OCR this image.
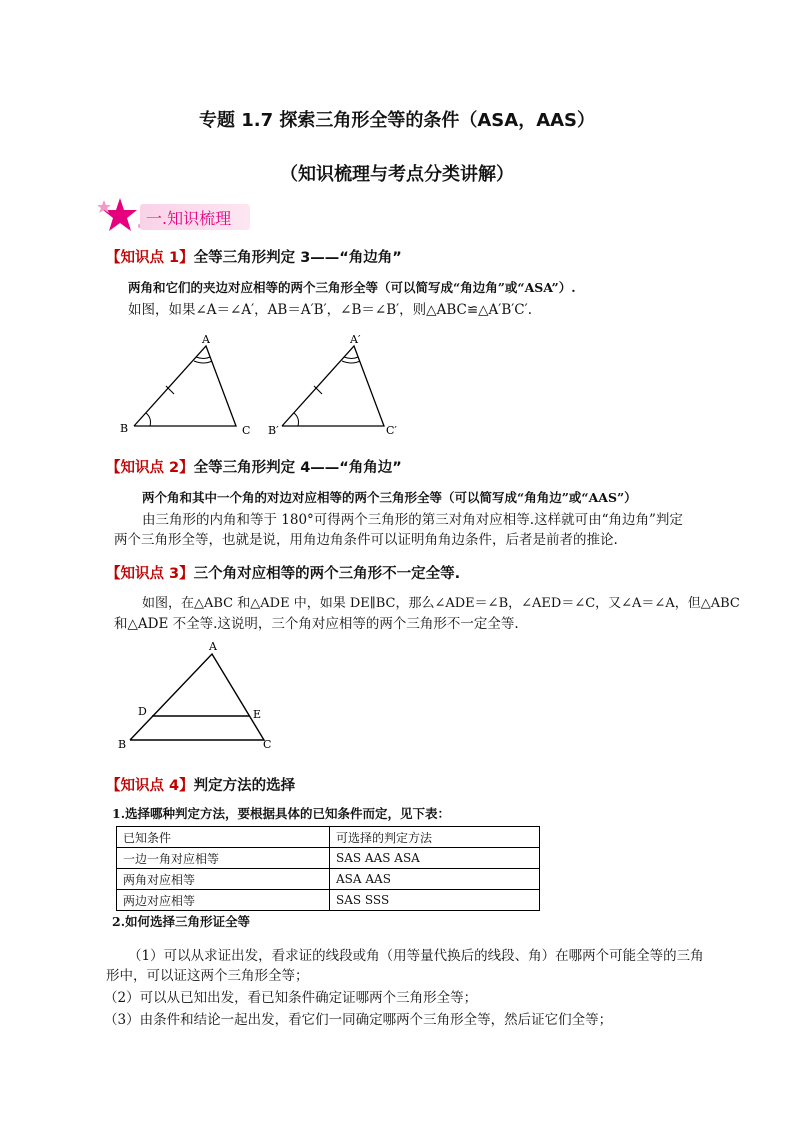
专题 1.7 探索三角形全等的条件（ASA，AAS）
（知识梳理与考点分类讲解）
一.知识梳理
【知识点 1】全等三角形判定 3——“角边角”
两角和它们的夹边对应相等的两个三角形全等（可以简写成“角边角”或“ASA”）.
如图，如果∠A＝∠A′，AB＝A′B′，∠B＝∠B′，则△ABC≌△A′B′C′.
A
B	C
A′
B′	C′
【知识点 2】全等三角形判定 4——“角角边”
两个角和其中一个角的对边对应相等的两个三角形全等（可以简写成“角角边”或“AAS”）
由三角形的内角和等于 180°可得两个三角形的第三对角对应相等.这样就可由“角边角”判定
两个三角形全等，也就是说，用角边角条件可以证明角角边条件，后者是前者的推论.
【知识点 3】三个角对应相等的两个三角形不一定全等.
如图，在△ABC 和△ADE 中，如果 DE∥BC，那么∠ADE＝∠B，∠AED＝∠C，又∠A＝∠A，但△ABC
和△ADE 不全等.这说明，三个角对应相等的两个三角形不一定全等.
A
D	E
B	C
【知识点 4】判定方法的选择
1.选择哪种判定方法，要根据具体的已知条件而定，见下表：
已知条件	可选择的判定方法
一边一角对应相等	SAS AAS ASA
两角对应相等	ASA AAS
两边对应相等	SAS SSS
2.如何选择三角形证全等
（1）可以从求证出发，看求证的线段或角（用等量代换后的线段、角）在哪两个可能全等的三角
形中，可以证这两个三角形全等；
（2）可以从已知出发，看已知条件确定证哪两个三角形全等；
（3）由条件和结论一起出发，看它们一同确定哪两个三角形全等，然后证它们全等；
